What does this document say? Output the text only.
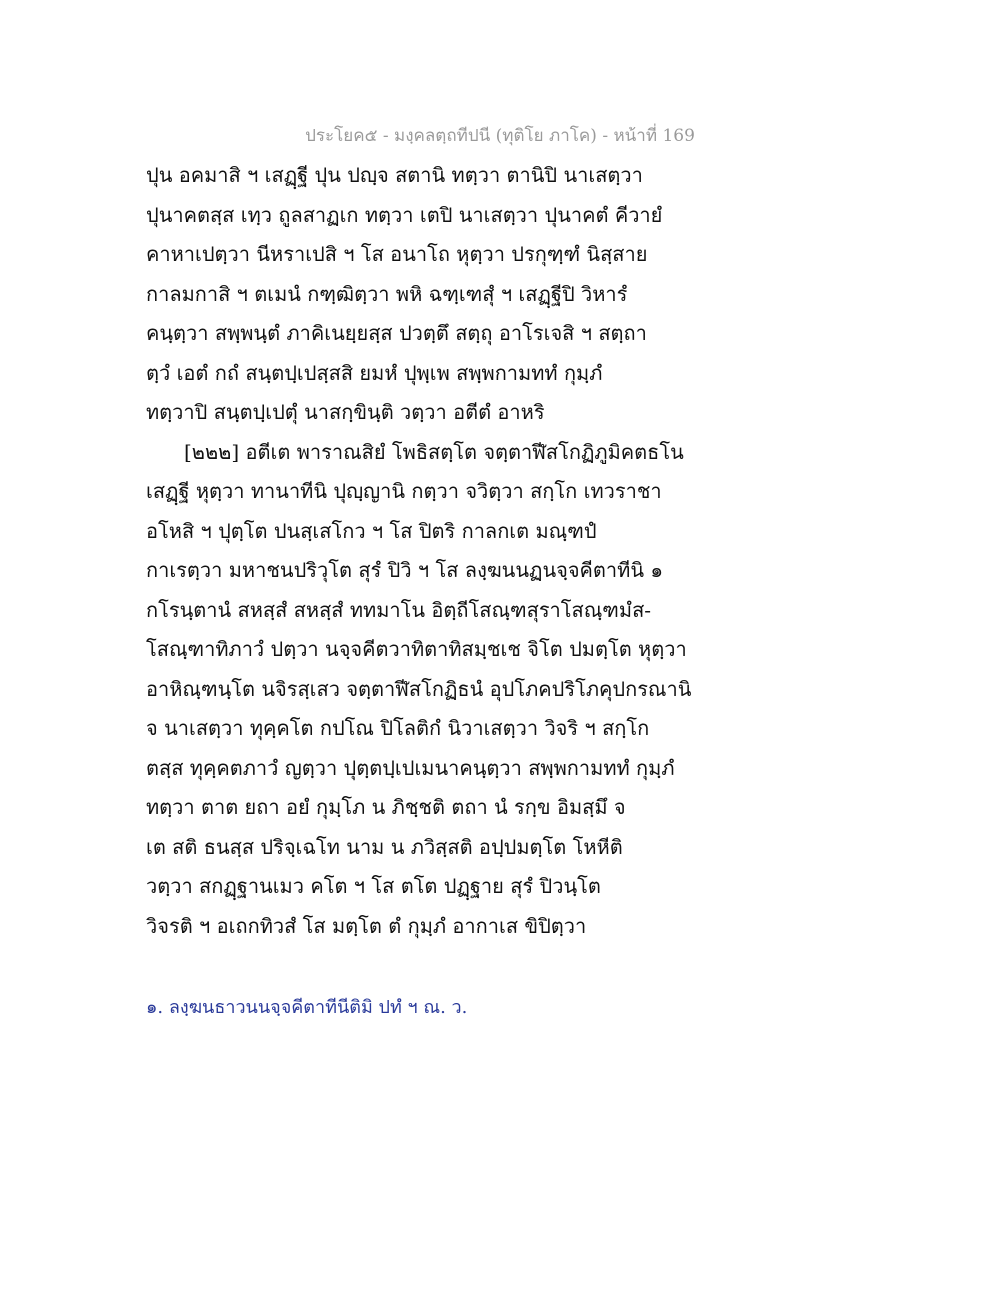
ประโยค๕ - มงฺคลตฺถทีปนี (ทุติโย ภาโค) - หน้าที่ 169
ปุน อคมาสิ ฯ เสฏฺฐี ปุน ปญฺจ สตานิ ทตฺวา ตานิปิ นาเสตฺวา
ปุนาคตสฺส เทฺว ถูลสาฏเก ทตฺวา เตปิ นาเสตฺวา ปุนาคตํ คีวายํ
คาหาเปตฺวา นีหราเปสิ ฯ โส อนาโถ หุตฺวา ปรกุฑฺฑํ นิสฺสาย
กาลมกาสิ ฯ ตเมนํ กฑฺฒิตฺวา พหิ ฉฑฺเฑสุํ ฯ เสฏฺฐีปิ วิหารํ
คนฺตฺวา สพฺพนฺตํ ภาคิเนยฺยสฺส ปวตฺตึ สตฺถุ อาโรเจสิ ฯ สตฺถา
ตฺวํ เอตํ กถํ สนฺตปฺเปสฺสสิ ยมหํ ปุพฺเพ สพฺพกามททํ กุมฺภํ
ทตฺวาปิ สนฺตปฺเปตุํ นาสกฺขินฺติ วตฺวา อตีตํ อาหริ
[๒๒๒] อตีเต พาราณสิยํ โพธิสตฺโต จตฺตาฬีสโกฏิภูมิคตธโน
เสฏฺฐี หุตฺวา ทานาทีนิ ปุญฺญานิ กตฺวา จวิตฺวา สกฺโก เทวราชา
อโหสิ ฯ ปุตฺโต ปนสฺเสโกว ฯ โส ปิตริ กาลกเต มณฺฑปํ
กาเรตฺวา มหาชนปริวุโต สุรํ ปิวิ ฯ โส ลงฺฆนนฏนจฺจคีตาทีนิ ๑
กโรนฺตานํ สหสฺสํ สหสฺสํ ททมาโน อิตฺถีโสณฺฑสุราโสณฺฑมํส-
โสณฺฑาทิภาวํ ปตฺวา นจฺจคีตวาทิตาทิสมฺชเช จิโต ปมตฺโต หุตฺวา
อาหิณฺฑนฺโต นจิรสฺเสว จตฺตาฬีสโกฏิธนํ อุปโภคปริโภคุปกรณานิ
จ นาเสตฺวา ทุคฺคโต กปโณ ปิโลติกํ นิวาเสตฺวา วิจริ ฯ สกฺโก
ตสฺส ทุคฺคตภาวํ ญตฺวา ปุตฺตปฺเปเมนาคนฺตฺวา สพฺพกามททํ กุมฺภํ
ทตฺวา ตาต ยถา อยํ กุมฺโภ น ภิชฺชติ ตถา นํ รกฺข อิมสฺมึ จ
เต สติ ธนสฺส ปริจฺเฉโท นาม น ภวิสฺสติ อปฺปมตฺโต โหหีติ
วตฺวา สกฏฺฐานเมว คโต ฯ โส ตโต ปฏฺฐาย สุรํ ปิวนฺโต
วิจรติ ฯ อเถกทิวสํ โส มตฺโต ตํ กุมฺภํ อากาเส ขิปิตฺวา
๑. ลงฺฆนธาวนนจฺจคีตาทีนีติมิ ปทํ ฯ ณ. ว.
